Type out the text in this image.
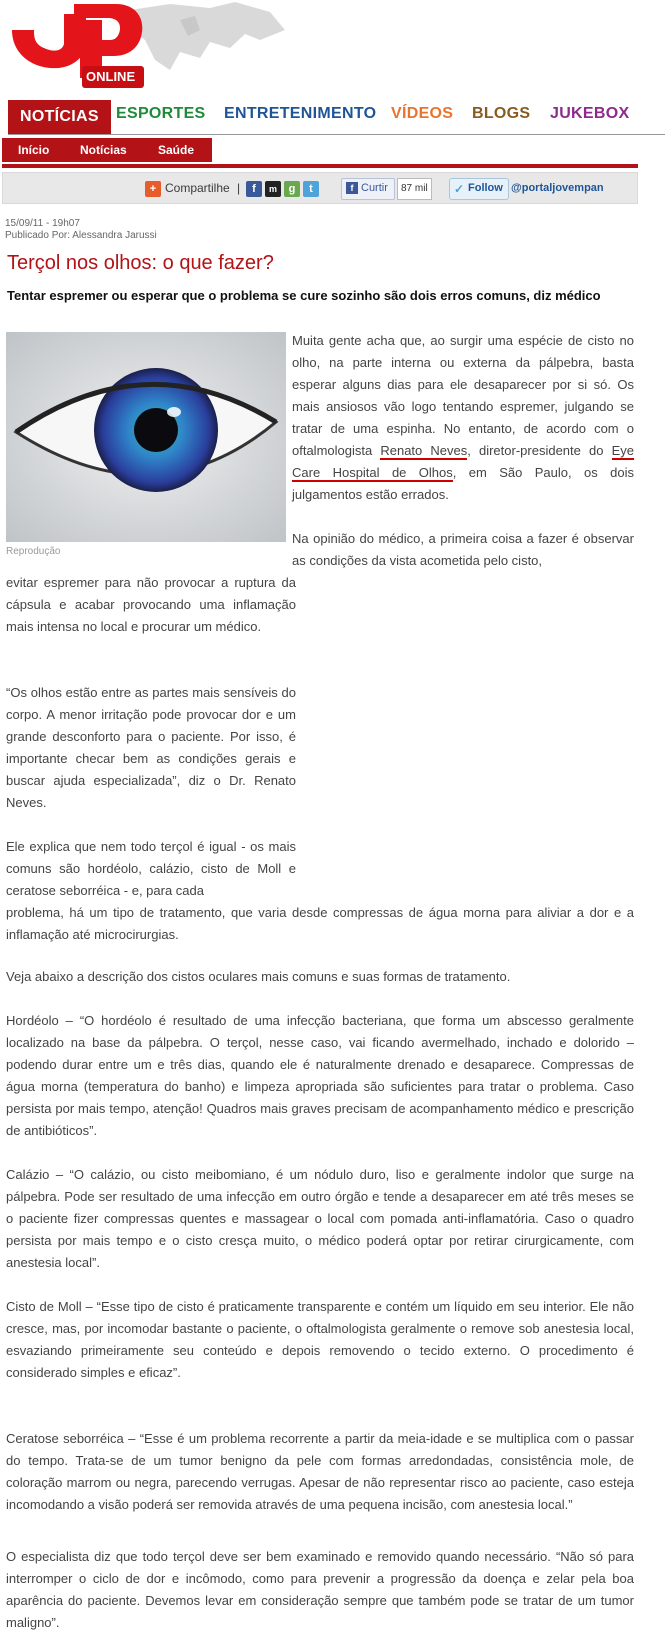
ONLINE
NOTÍCIAS	ESPORTES ENTRETENIMENTO VÍDEOS BLOGS JUKEBOX
Início	Notícias	Saúde
+ Compartilhe |	f	m	g	t	f Curtir	87 mil	✓ Follow @portaljovempan
15/09/11 - 19h07
Publicado Por: Alessandra Jarussi
Terçol nos olhos: o que fazer?
Tentar espremer ou esperar que o problema se cure sozinho são dois erros comuns, diz médico
Reprodução

Muita gente acha que, ao surgir uma espécie de cisto no olho, na parte interna ou externa da pálpebra, basta esperar alguns dias para ele desaparecer por si só. Os mais ansiosos vão logo tentando espremer, julgando se tratar de uma espinha. No entanto, de acordo com o oftalmologista Renato Neves, diretor-presidente do Eye Care Hospital de Olhos, em São Paulo, os dois julgamentos estão errados.

Na opinião do médico, a primeira coisa a fazer é observar as condições da vista acometida pelo cisto,

evitar espremer para não provocar a ruptura da cápsula e acabar provocando uma inflamação mais intensa no local e procurar um médico.

“Os olhos estão entre as partes mais sensíveis do corpo. A menor irritação pode provocar dor e um grande desconforto para o paciente. Por isso, é importante checar bem as condições gerais e buscar ajuda especializada”, diz o Dr. Renato Neves.

Ele explica que nem todo terçol é igual - os mais comuns são hordéolo, calázio, cisto de Moll e ceratose seborréica - e, para cada

problema, há um tipo de tratamento, que varia desde compressas de água morna para aliviar a dor e a inflamação até microcirurgias.

Veja abaixo a descrição dos cistos oculares mais comuns e suas formas de tratamento.

Hordéolo – “O hordéolo é resultado de uma infecção bacteriana, que forma um abscesso geralmente localizado na base da pálpebra. O terçol, nesse caso, vai ficando avermelhado, inchado e dolorido – podendo durar entre um e três dias, quando ele é naturalmente drenado e desaparece. Compressas de água morna (temperatura do banho) e limpeza apropriada são suficientes para tratar o problema. Caso persista por mais tempo, atenção! Quadros mais graves precisam de acompanhamento médico e prescrição de antibióticos”.

Calázio – “O calázio, ou cisto meibomiano, é um nódulo duro, liso e geralmente indolor que surge na pálpebra. Pode ser resultado de uma infecção em outro órgão e tende a desaparecer em até três meses se o paciente fizer compressas quentes e massagear o local com pomada anti-inflamatória. Caso o quadro persista por mais tempo e o cisto cresça muito, o médico poderá optar por retirar cirurgicamente, com anestesia local”.

Cisto de Moll – “Esse tipo de cisto é praticamente transparente e contém um líquido em seu interior. Ele não cresce, mas, por incomodar bastante o paciente, o oftalmologista geralmente o remove sob anestesia local, esvaziando primeiramente seu conteúdo e depois removendo o tecido externo. O procedimento é considerado simples e eficaz”.

Ceratose seborréica – “Esse é um problema recorrente a partir da meia-idade e se multiplica com o passar do tempo. Trata-se de um tumor benigno da pele com formas arredondadas, consistência mole, de coloração marrom ou negra, parecendo verrugas. Apesar de não representar risco ao paciente, caso esteja incomodando a visão poderá ser removida através de uma pequena incisão, com anestesia local.”

O especialista diz que todo terçol deve ser bem examinado e removido quando necessário. “Não só para interromper o ciclo de dor e incômodo, como para prevenir a progressão da doença e zelar pela boa aparência do paciente. Devemos levar em consideração sempre que também pode se tratar de um tumor maligno”.
